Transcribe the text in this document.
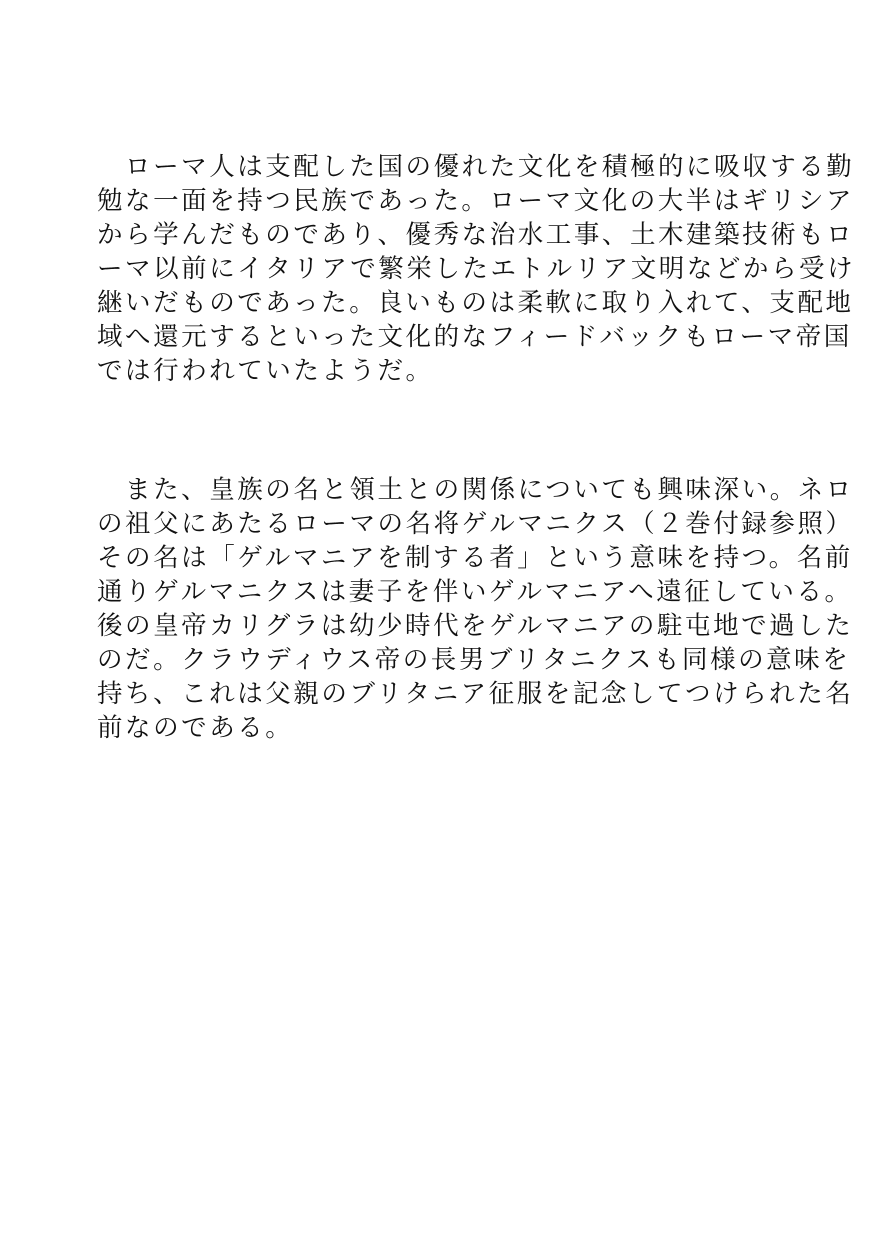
　ローマ人は支配した国の優れた文化を積極的に吸収する勤
勉な一面を持つ民族であった。ローマ文化の大半はギリシア
から学んだものであり、優秀な治水工事、土木建築技術もロ
ーマ以前にイタリアで繁栄したエトルリア文明などから受け
継いだものであった。良いものは柔軟に取り入れて、支配地
域へ還元するといった文化的なフィードバックもローマ帝国
では行われていたようだ。
　また、皇族の名と領土との関係についても興味深い。ネロ
の祖父にあたるローマの名将ゲルマニクス（２巻付録参照）
その名は「ゲルマニアを制する者」という意味を持つ。名前
通りゲルマニクスは妻子を伴いゲルマニアへ遠征している。
後の皇帝カリグラは幼少時代をゲルマニアの駐屯地で過した
のだ。クラウディウス帝の長男ブリタニクスも同様の意味を
持ち、これは父親のブリタニア征服を記念してつけられた名
前なのである。
